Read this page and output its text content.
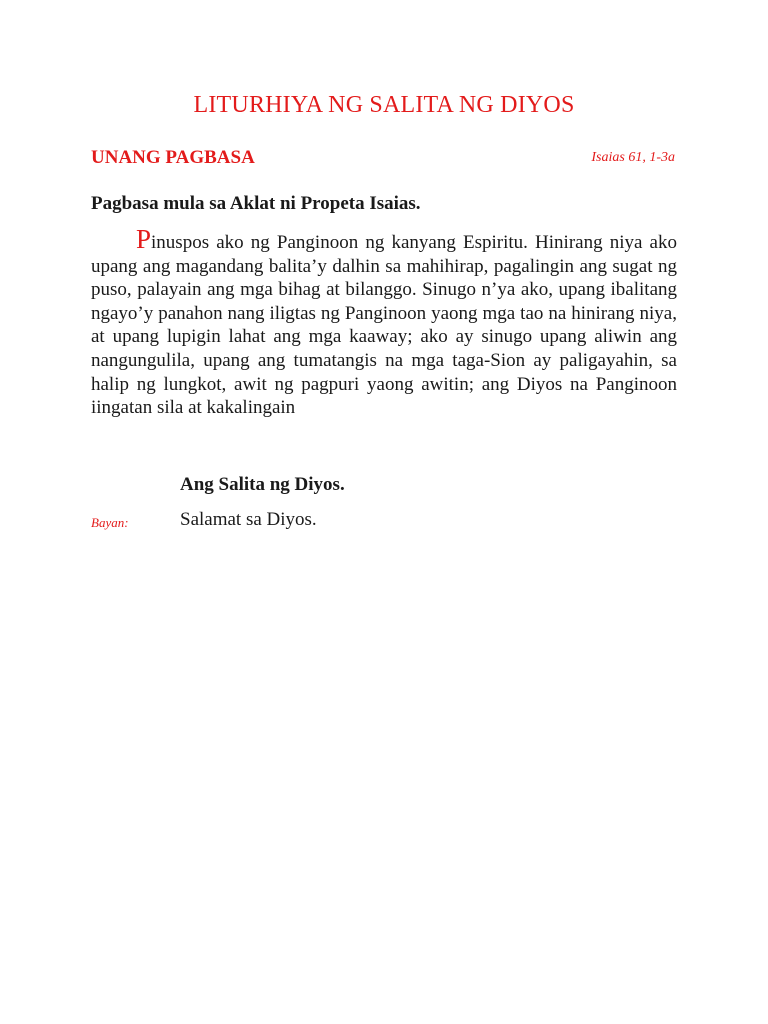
LITURHIYA NG SALITA NG DIYOS
UNANG PAGBASA	Isaias 61, 1-3a
Pagbasa mula sa Aklat ni Propeta Isaias.

Pinuspos ako ng Panginoon ng kanyang Espiritu. Hinirang niya ako upang ang magandang balita’y dalhin sa mahihirap, pagalingin ang sugat ng puso, palayain ang mga bihag at bilanggo. Sinugo n’ya ako, upang ibalitang ngayo’y panahon nang iligtas ng Panginoon yaong mga tao na hinirang niya, at upang lupigin lahat ang mga kaaway; ako ay sinugo upang aliwin ang nangungulila, upang ang tumatangis na mga taga-Sion ay paligayahin, sa halip ng lungkot, awit ng pagpuri yaong awitin; ang Diyos na Panginoon iingatan sila at kakalingain

Ang Salita ng Diyos.
Bayan:	Salamat sa Diyos.
